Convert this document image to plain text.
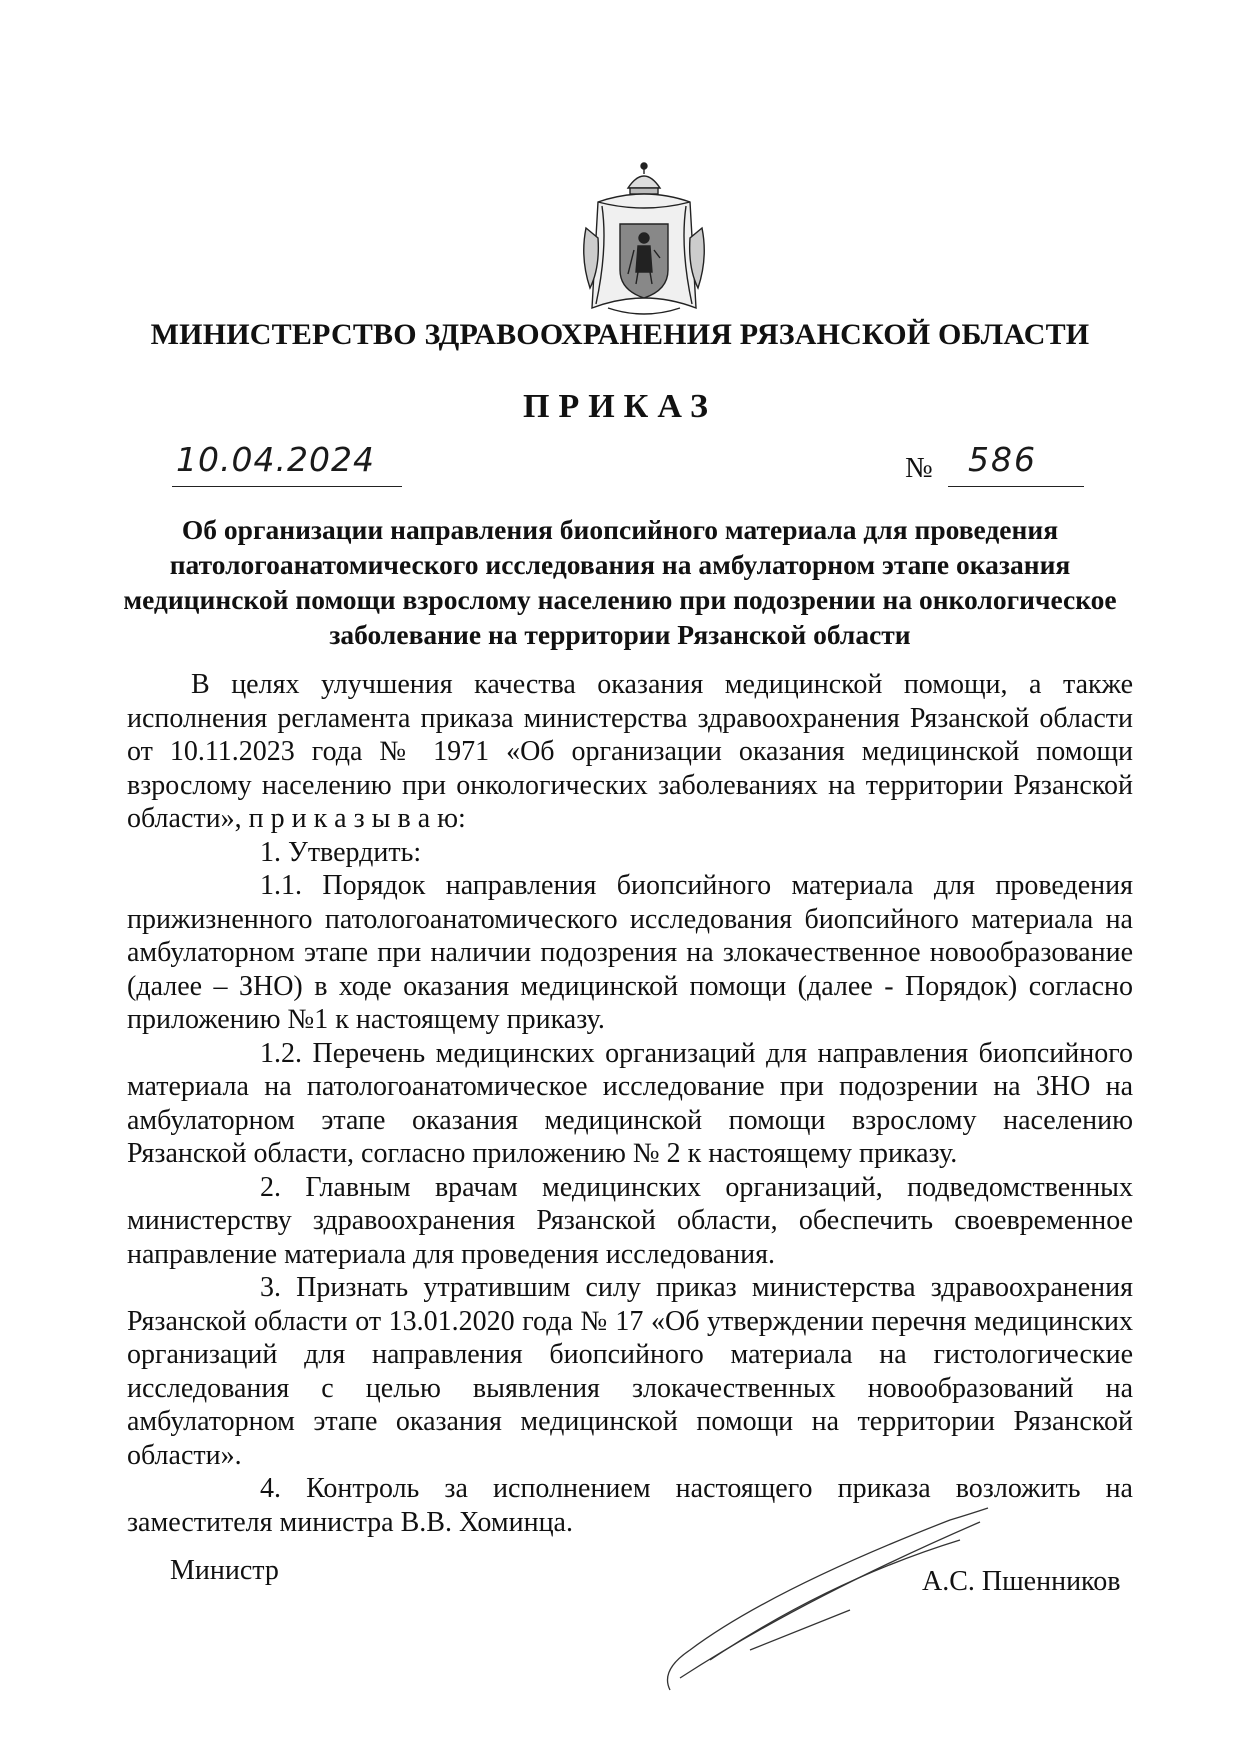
МИНИСТЕРСТВО ЗДРАВООХРАНЕНИЯ РЯЗАНСКОЙ ОБЛАСТИ
ПРИКАЗ
10.04.2024	№ 586
Об организации направления биопсийного материала для проведения патологоанатомического исследования на амбулаторном этапе оказания медицинской помощи взрослому населению при подозрении на онкологическое заболевание на территории Рязанской области

В целях улучшения качества оказания медицинской помощи, а также исполнения регламента приказа министерства здравоохранения Рязанской области от 10.11.2023 года № 1971 «Об организации оказания медицинской помощи взрослому населению при онкологических заболеваниях на территории Рязанской области», п р и к а з ы в а ю:

1. Утвердить:

1.1. Порядок направления биопсийного материала для проведения прижизненного патологоанатомического исследования биопсийного материала на амбулаторном этапе при наличии подозрения на злокачественное новообразование (далее – ЗНО) в ходе оказания медицинской помощи (далее - Порядок) согласно приложению №1 к настоящему приказу.

1.2. Перечень медицинских организаций для направления биопсийного материала на патологоанатомическое исследование при подозрении на ЗНО на амбулаторном этапе оказания медицинской помощи взрослому населению Рязанской области, согласно приложению № 2 к настоящему приказу.

2. Главным врачам медицинских организаций, подведомственных министерству здравоохранения Рязанской области, обеспечить своевременное направление материала для проведения исследования.

3. Признать утратившим силу приказ министерства здравоохранения Рязанской области от 13.01.2020 года № 17 «Об утверждении перечня медицинских организаций для направления биопсийного материала на гистологические исследования с целью выявления злокачественных новообразований на амбулаторном этапе оказания медицинской помощи на территории Рязанской области».

4. Контроль за исполнением настоящего приказа возложить на заместителя министра В.В. Хоминца.

Министр	А.С. Пшенников
